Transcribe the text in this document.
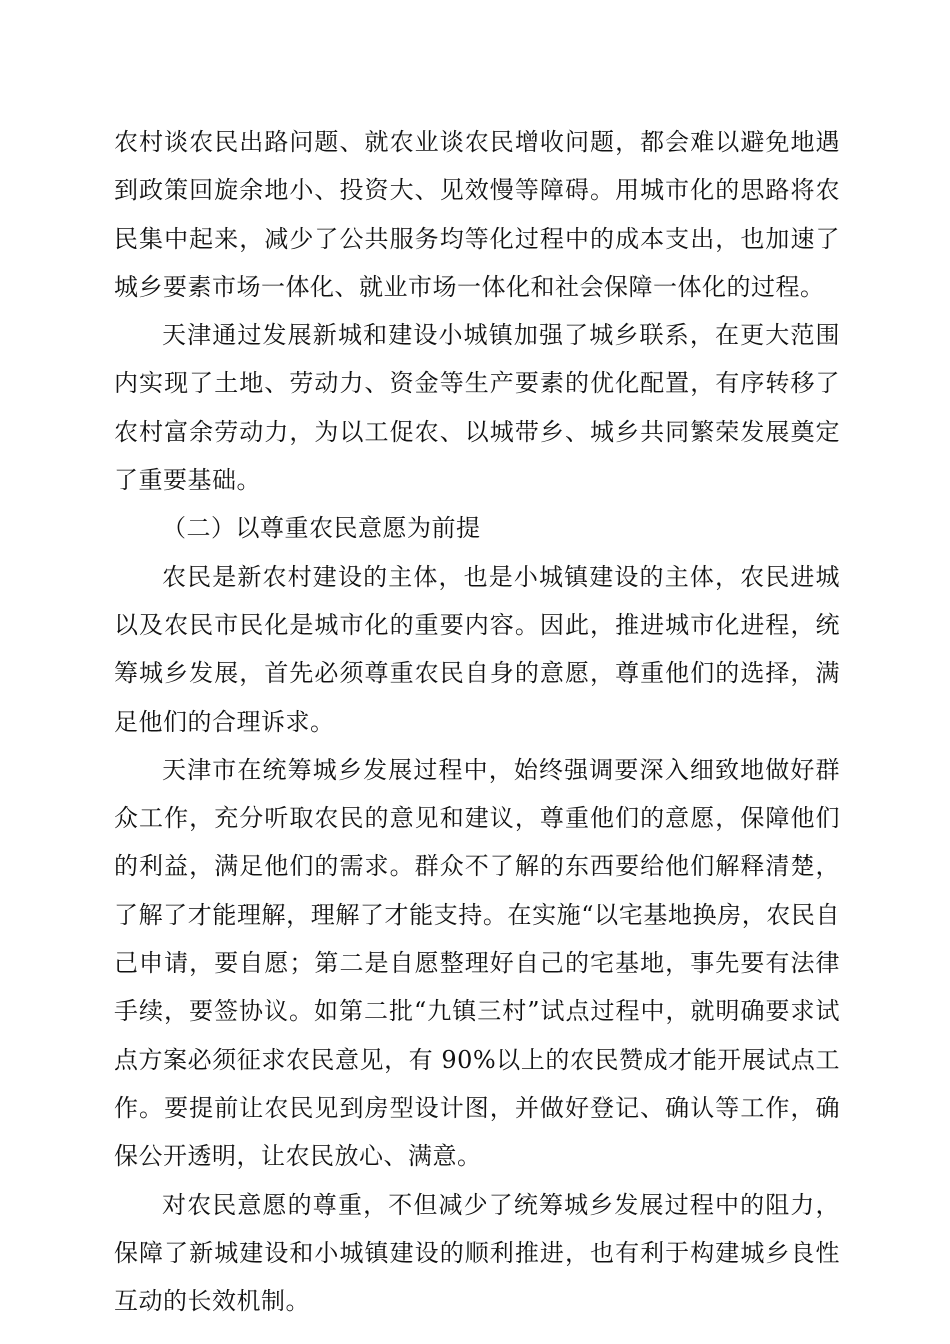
农村谈农民出路问题、就农业谈农民增收问题，都会难以避免地遇到政策回旋余地小、投资大、见效慢等障碍。用城市化的思路将农民集中起来，减少了公共服务均等化过程中的成本支出，也加速了城乡要素市场一体化、就业市场一体化和社会保障一体化的过程。

天津通过发展新城和建设小城镇加强了城乡联系，在更大范围内实现了土地、劳动力、资金等生产要素的优化配置，有序转移了农村富余劳动力，为以工促农、以城带乡、城乡共同繁荣发展奠定了重要基础。

（二）以尊重农民意愿为前提

农民是新农村建设的主体，也是小城镇建设的主体，农民进城以及农民市民化是城市化的重要内容。因此，推进城市化进程，统筹城乡发展，首先必须尊重农民自身的意愿，尊重他们的选择，满足他们的合理诉求。

天津市在统筹城乡发展过程中，始终强调要深入细致地做好群众工作，充分听取农民的意见和建议，尊重他们的意愿，保障他们的利益，满足他们的需求。群众不了解的东西要给他们解释清楚，了解了才能理解，理解了才能支持。在实施“以宅基地换房，农民自己申请，要自愿；第二是自愿整理好自己的宅基地，事先要有法律手续，要签协议。如第二批“九镇三村”试点过程中，就明确要求试点方案必须征求农民意见，有 90%以上的农民赞成才能开展试点工作。要提前让农民见到房型设计图，并做好登记、确认等工作，确保公开透明，让农民放心、满意。

对农民意愿的尊重，不但减少了统筹城乡发展过程中的阻力，保障了新城建设和小城镇建设的顺利推进，也有利于构建城乡良性互动的长效机制。
